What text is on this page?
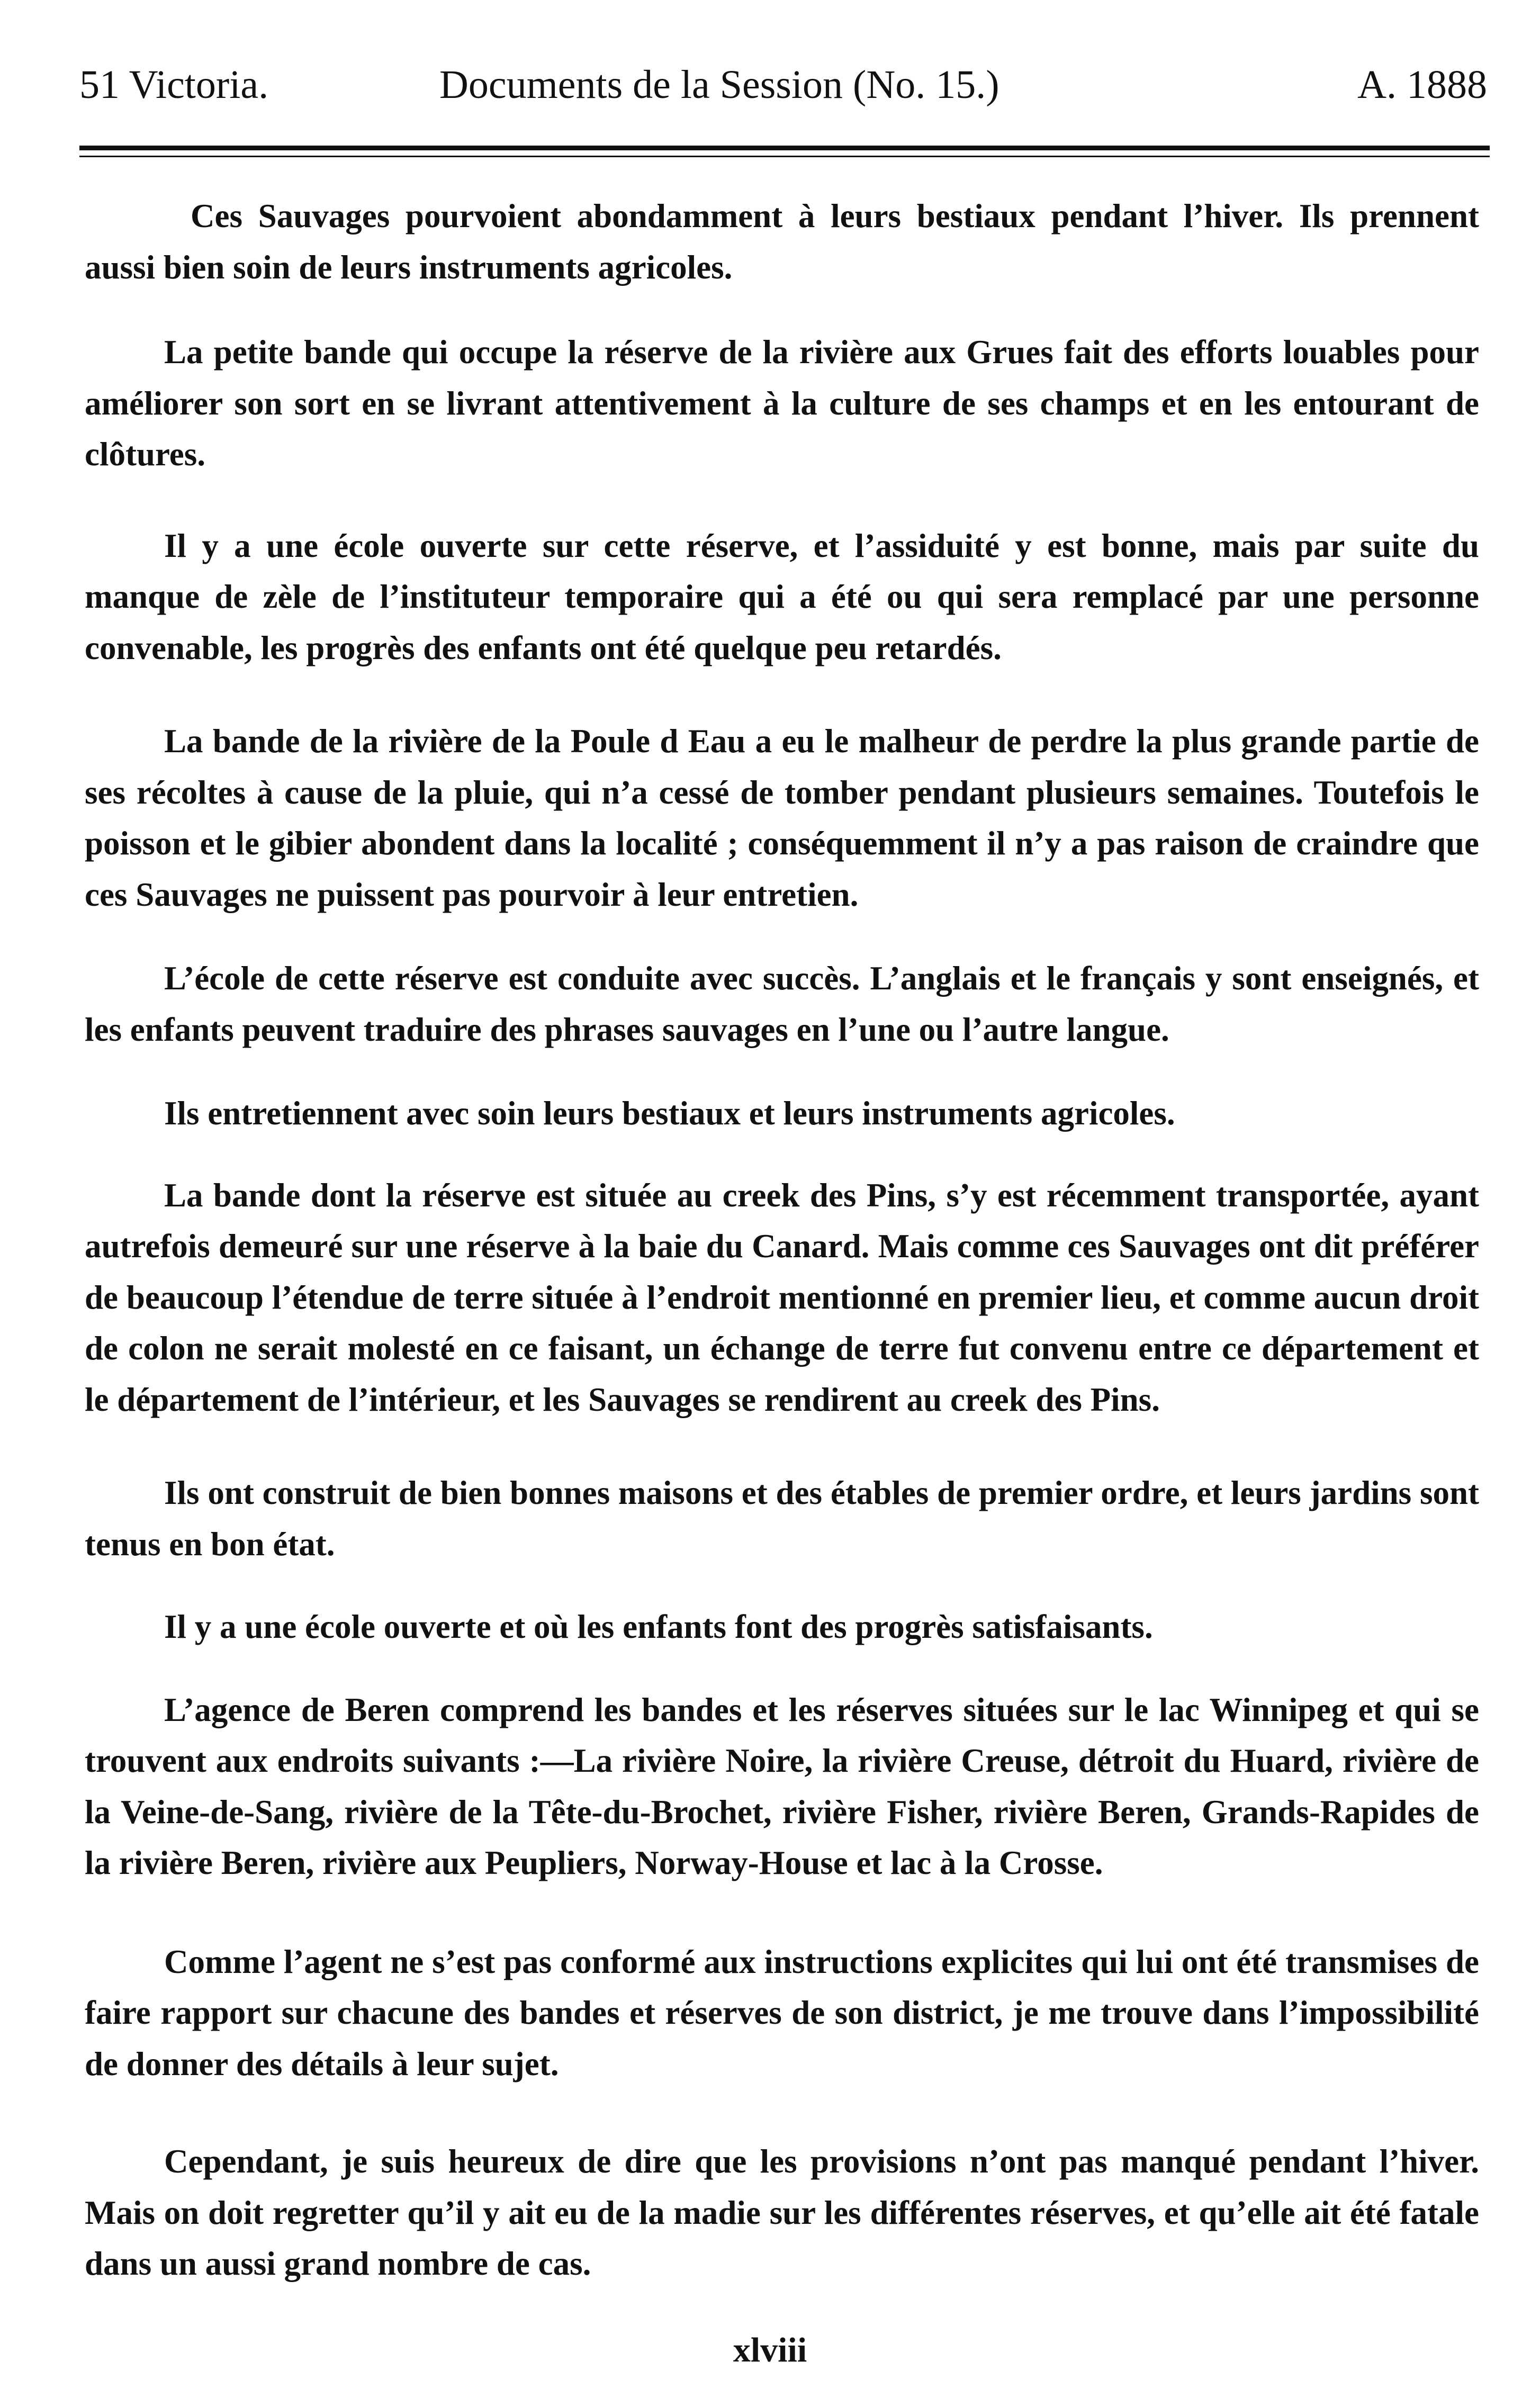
51 Victoria.	Documents de la Session (No. 15.)	A. 1888

Ces Sauvages pourvoient abondamment à leurs bestiaux pendant l’hiver. Ils prennent aussi bien soin de leurs instruments agricoles.

La petite bande qui occupe la réserve de la rivière aux Grues fait des efforts louables pour améliorer son sort en se livrant attentivement à la culture de ses champs et en les entourant de clôtures.

Il y a une école ouverte sur cette réserve, et l’assiduité y est bonne, mais par suite du manque de zèle de l’instituteur temporaire qui a été ou qui sera remplacé par une personne convenable, les progrès des enfants ont été quelque peu retardés.

La bande de la rivière de la Poule d Eau a eu le malheur de perdre la plus grande partie de ses récoltes à cause de la pluie, qui n’a cessé de tomber pendant plusieurs semaines. Toutefois le poisson et le gibier abondent dans la localité ; conséquemment il n’y a pas raison de craindre que ces Sauvages ne puissent pas pourvoir à leur entretien.

L’école de cette réserve est conduite avec succès. L’anglais et le français y sont enseignés, et les enfants peuvent traduire des phrases sauvages en l’une ou l’autre langue.

Ils entretiennent avec soin leurs bestiaux et leurs instruments agricoles.

La bande dont la réserve est située au creek des Pins, s’y est récemment transportée, ayant autrefois demeuré sur une réserve à la baie du Canard. Mais comme ces Sauvages ont dit préférer de beaucoup l’étendue de terre située à l’endroit mentionné en premier lieu, et comme aucun droit de colon ne serait molesté en ce faisant, un échange de terre fut convenu entre ce département et le département de l’intérieur, et les Sauvages se rendirent au creek des Pins.

Ils ont construit de bien bonnes maisons et des étables de premier ordre, et leurs jardins sont tenus en bon état.

Il y a une école ouverte et où les enfants font des progrès satisfaisants.

L’agence de Beren comprend les bandes et les réserves situées sur le lac Winnipeg et qui se trouvent aux endroits suivants :—La rivière Noire, la rivière Creuse, détroit du Huard, rivière de la Veine-de-Sang, rivière de la Tête-du-Brochet, rivière Fisher, rivière Beren, Grands-Rapides de la rivière Beren, rivière aux Peupliers, Norway-House et lac à la Crosse.

Comme l’agent ne s’est pas conformé aux instructions explicites qui lui ont été transmises de faire rapport sur chacune des bandes et réserves de son district, je me trouve dans l’impossibilité de donner des détails à leur sujet.

Cependant, je suis heureux de dire que les provisions n’ont pas manqué pendant l’hiver. Mais on doit regretter qu’il y ait eu de la madie sur les différentes réserves, et qu’elle ait été fatale dans un aussi grand nombre de cas.

xlviii
